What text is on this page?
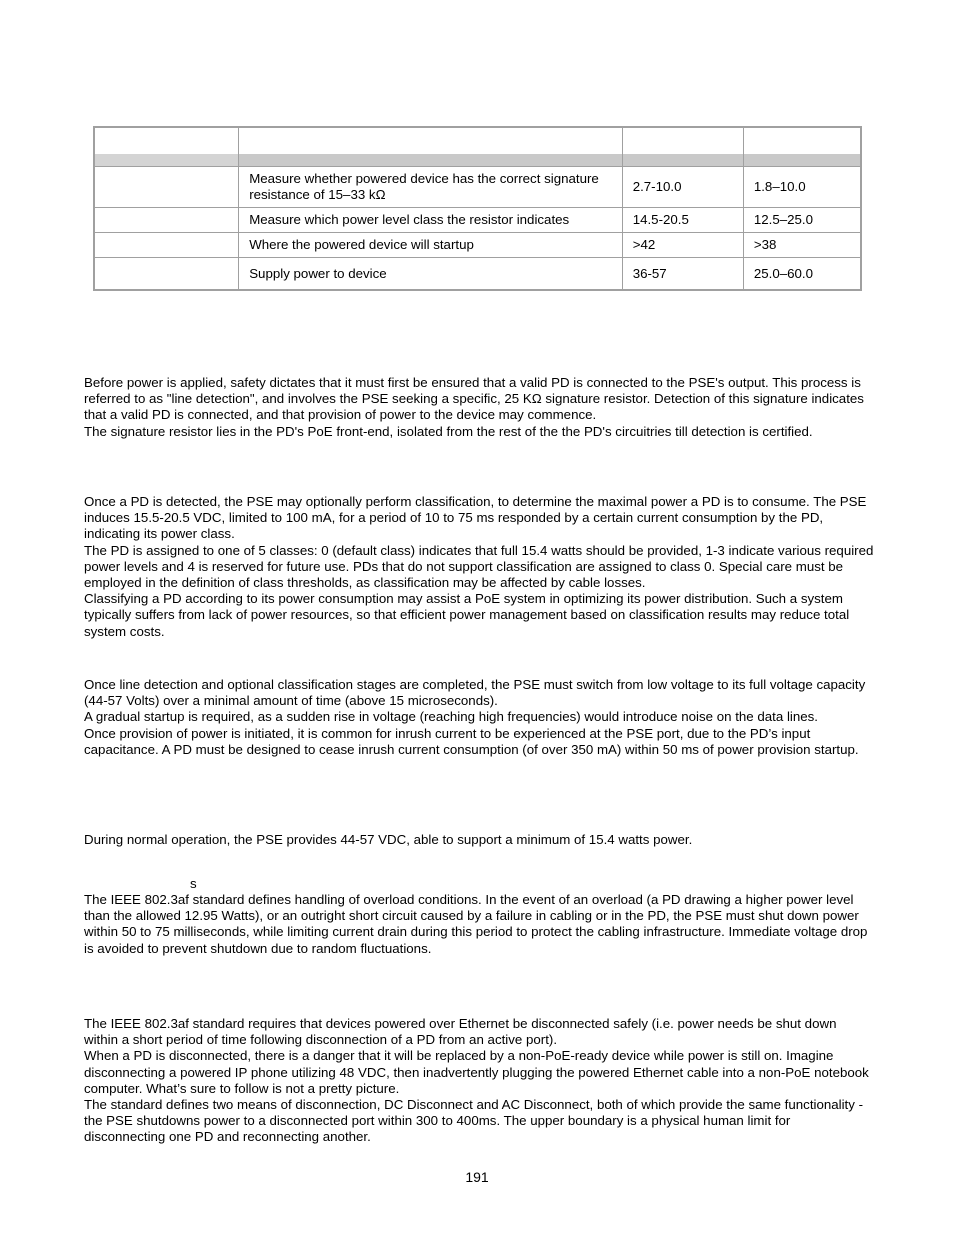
	Measure whether powered device has the correct signature resistance of 15–33 kΩ	2.7-10.0	1.8–10.0
	Measure which power level class the resistor indicates	14.5-20.5	12.5–25.0
	Where the powered device will startup	>42	>38
	Supply power to device	36-57	25.0–60.0

Before power is applied, safety dictates that it must first be ensured that a valid PD is connected to the PSE's output. This process is referred to as "line detection", and involves the PSE seeking a specific, 25 KΩ signature resistor. Detection of this signature indicates that a valid PD is connected, and that provision of power to the device may commence.

The signature resistor lies in the PD's PoE front-end, isolated from the rest of the the PD's circuitries till detection is certified.

Once a PD is detected, the PSE may optionally perform classification, to determine the maximal power a PD is to consume. The PSE induces 15.5-20.5 VDC, limited to 100 mA, for a period of 10 to 75 ms responded by a certain current consumption by the PD, indicating its power class.

The PD is assigned to one of 5 classes: 0 (default class) indicates that full 15.4 watts should be provided, 1-3 indicate various required power levels and 4 is reserved for future use. PDs that do not support classification are assigned to class 0. Special care must be employed in the definition of class thresholds, as classification may be affected by cable losses.

Classifying a PD according to its power consumption may assist a PoE system in optimizing its power distribution. Such a system typically suffers from lack of power resources, so that efficient power management based on classification results may reduce total system costs.

Once line detection and optional classification stages are completed, the PSE must switch from low voltage to its full voltage capacity (44-57 Volts) over a minimal amount of time (above 15 microseconds).

A gradual startup is required, as a sudden rise in voltage (reaching high frequencies) would introduce noise on the data lines.

Once provision of power is initiated, it is common for inrush current to be experienced at the PSE port, due to the PD’s input capacitance. A PD must be designed to cease inrush current consumption (of over 350 mA) within 50 ms of power provision startup.

During normal operation, the PSE provides 44-57 VDC, able to support a minimum of 15.4 watts power.

s

The IEEE 802.3af standard defines handling of overload conditions. In the event of an overload (a PD drawing a higher power level than the allowed 12.95 Watts), or an outright short circuit caused by a failure in cabling or in the PD, the PSE must shut down power within 50 to 75 milliseconds, while limiting current drain during this period to protect the cabling infrastructure. Immediate voltage drop is avoided to prevent shutdown due to random fluctuations.

The IEEE 802.3af standard requires that devices powered over Ethernet be disconnected safely (i.e. power needs be shut down within a short period of time following disconnection of a PD from an active port).

When a PD is disconnected, there is a danger that it will be replaced by a non-PoE-ready device while power is still on. Imagine disconnecting a powered IP phone utilizing 48 VDC, then inadvertently plugging the powered Ethernet cable into a non-PoE notebook computer. What’s sure to follow is not a pretty picture.

The standard defines two means of disconnection, DC Disconnect and AC Disconnect, both of which provide the same functionality - the PSE shutdowns power to a disconnected port within 300 to 400ms. The upper boundary is a physical human limit for disconnecting one PD and reconnecting another.

191
